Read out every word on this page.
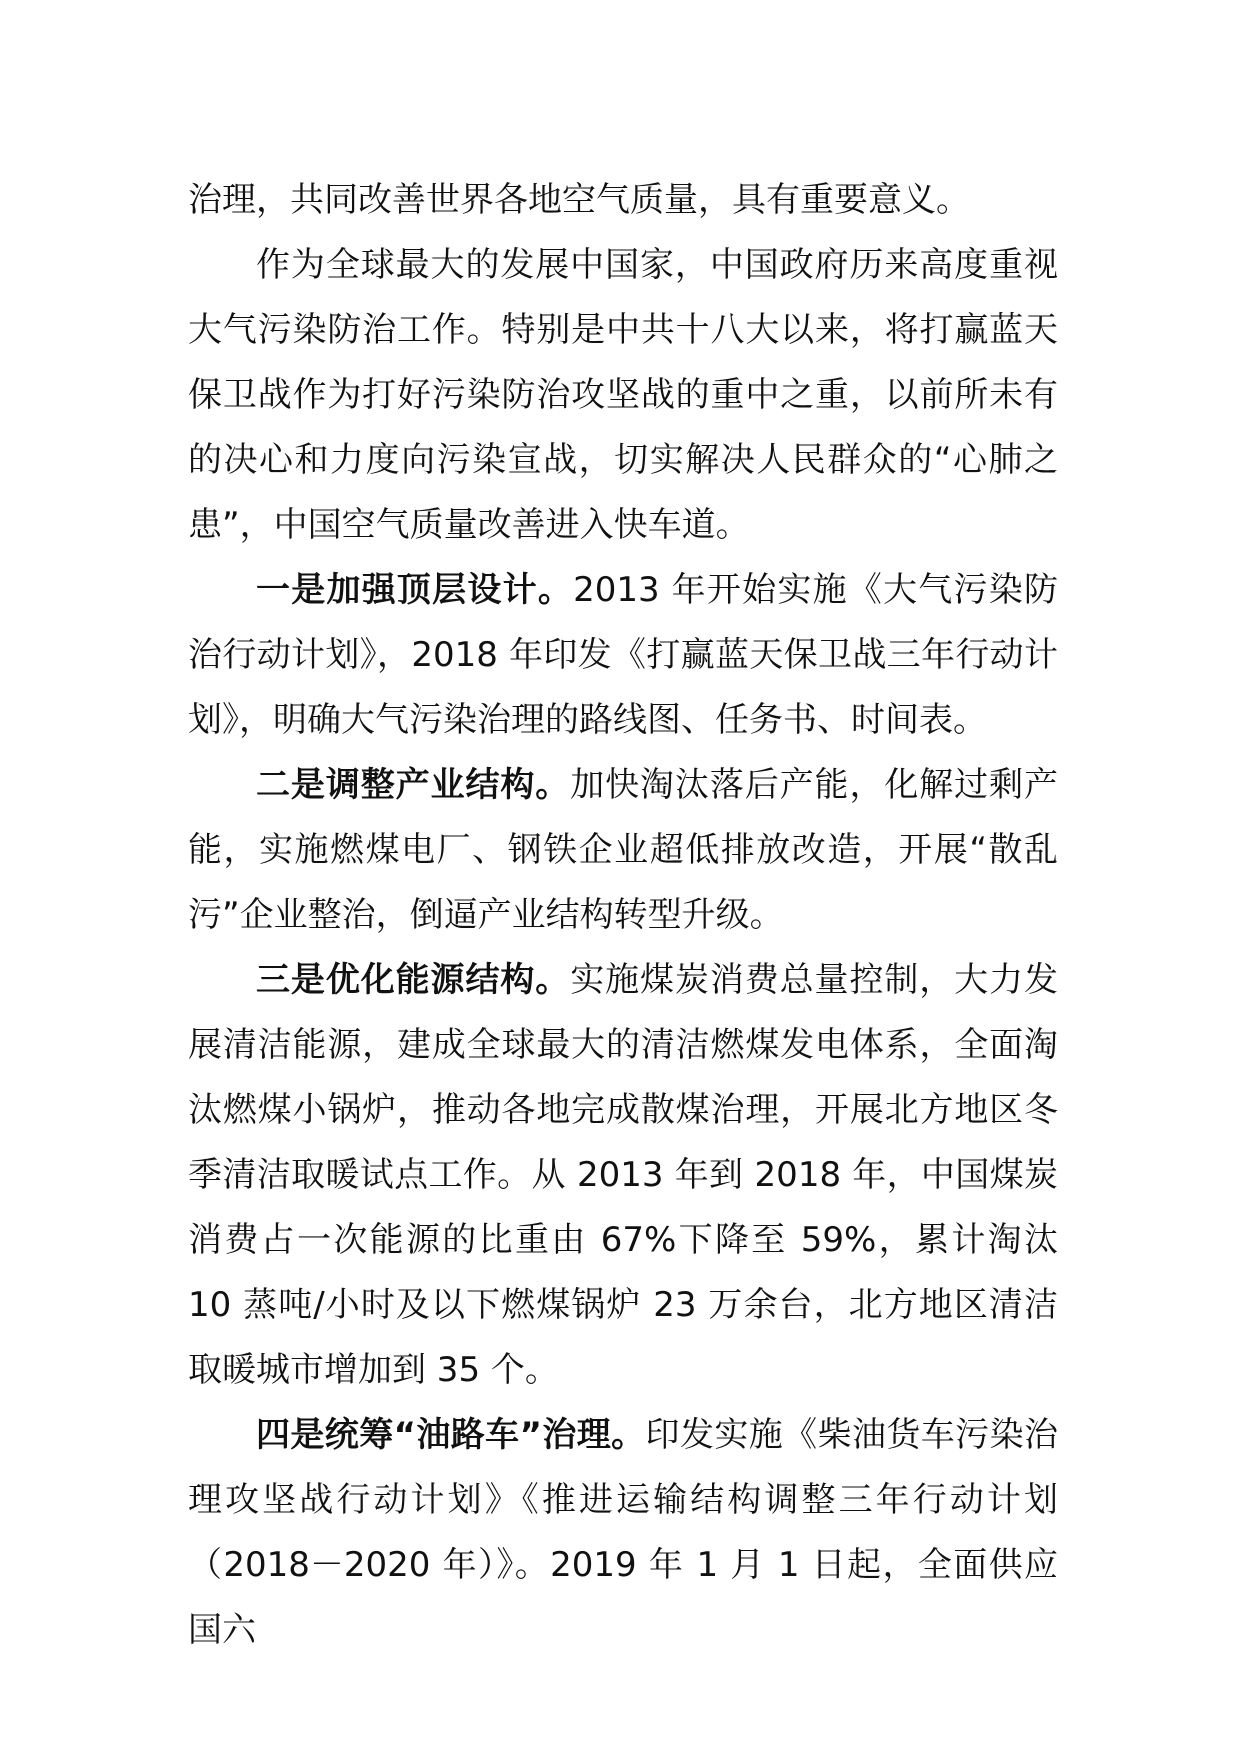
治理，共同改善世界各地空气质量，具有重要意义。

作为全球最大的发展中国家，中国政府历来高度重视大气污染防治工作。特别是中共十八大以来，将打赢蓝天保卫战作为打好污染防治攻坚战的重中之重，以前所未有的决心和力度向污染宣战，切实解决人民群众的“心肺之患”，中国空气质量改善进入快车道。

一是加强顶层设计。2013 年开始实施《大气污染防治行动计划》，2018 年印发《打赢蓝天保卫战三年行动计划》，明确大气污染治理的路线图、任务书、时间表。

二是调整产业结构。加快淘汰落后产能，化解过剩产能，实施燃煤电厂、钢铁企业超低排放改造，开展“散乱污”企业整治，倒逼产业结构转型升级。

三是优化能源结构。实施煤炭消费总量控制，大力发展清洁能源，建成全球最大的清洁燃煤发电体系，全面淘汰燃煤小锅炉，推动各地完成散煤治理，开展北方地区冬季清洁取暖试点工作。从 2013 年到 2018 年，中国煤炭消费占一次能源的比重由 67%下降至 59%，累计淘汰 10 蒸吨/小时及以下燃煤锅炉 23 万余台，北方地区清洁取暖城市增加到 35 个。

四是统筹“油路车”治理。印发实施《柴油货车污染治理攻坚战行动计划》《推进运输结构调整三年行动计划（2018－2020 年）》。2019 年 1 月 1 日起，全面供应国六
